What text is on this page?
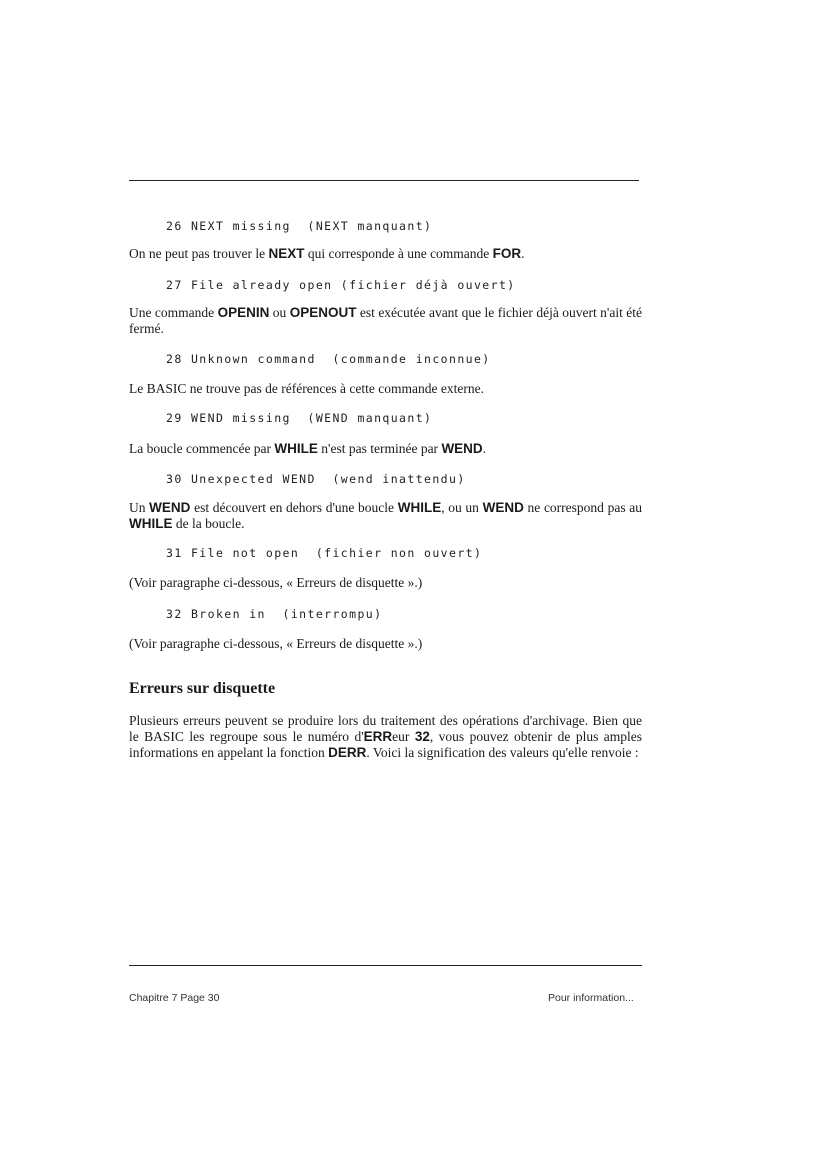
26 NEXT missing  (NEXT manquant)

On ne peut pas trouver le NEXT qui corresponde à une commande FOR.

27 File already open (fichier déjà ouvert)

Une commande OPENIN ou OPENOUT est exécutée avant que le fichier déjà ouvert n'ait été fermé.

28 Unknown command  (commande inconnue)

Le BASIC ne trouve pas de références à cette commande externe.

29 WEND missing  (WEND manquant)

La boucle commencée par WHILE n'est pas terminée par WEND.

30 Unexpected WEND  (wend inattendu)

Un WEND est découvert en dehors d'une boucle WHILE, ou un WEND ne correspond pas au WHILE de la boucle.

31 File not open  (fichier non ouvert)

(Voir paragraphe ci-dessous, « Erreurs de disquette ».)

32 Broken in  (interrompu)

(Voir paragraphe ci-dessous, « Erreurs de disquette ».)

Erreurs sur disquette

Plusieurs erreurs peuvent se produire lors du traitement des opérations d'archivage. Bien que le BASIC les regroupe sous le numéro d'ERReur 32, vous pouvez obtenir de plus amples informations en appelant la fonction DERR. Voici la signification des valeurs qu'elle renvoie :

Chapitre 7 Page 30	Pour information...
